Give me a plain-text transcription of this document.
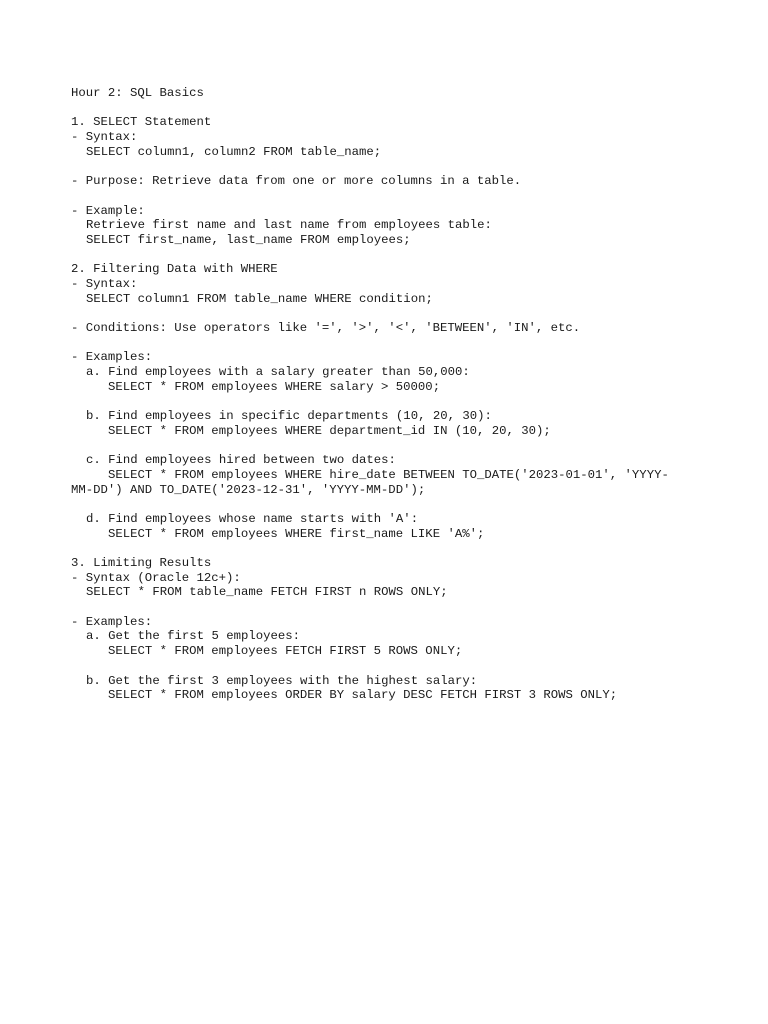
Hour 2: SQL Basics
1. SELECT Statement
- Syntax:
SELECT column1, column2 FROM table_name;
- Purpose: Retrieve data from one or more columns in a table.
- Example:
Retrieve first name and last name from employees table:
SELECT first_name, last_name FROM employees;
2. Filtering Data with WHERE
- Syntax:
SELECT column1 FROM table_name WHERE condition;
- Conditions: Use operators like '=', '>', '<', 'BETWEEN', 'IN', etc.
- Examples:
a. Find employees with a salary greater than 50,000:
SELECT * FROM employees WHERE salary > 50000;
b. Find employees in specific departments (10, 20, 30):
SELECT * FROM employees WHERE department_id IN (10, 20, 30);
c. Find employees hired between two dates:
SELECT * FROM employees WHERE hire_date BETWEEN TO_DATE('2023-01-01', 'YYYY-
MM-DD') AND TO_DATE('2023-12-31', 'YYYY-MM-DD');
d. Find employees whose name starts with 'A':
SELECT * FROM employees WHERE first_name LIKE 'A%';
3. Limiting Results
- Syntax (Oracle 12c+):
SELECT * FROM table_name FETCH FIRST n ROWS ONLY;
- Examples:
a. Get the first 5 employees:
SELECT * FROM employees FETCH FIRST 5 ROWS ONLY;
b. Get the first 3 employees with the highest salary:
SELECT * FROM employees ORDER BY salary DESC FETCH FIRST 3 ROWS ONLY;
